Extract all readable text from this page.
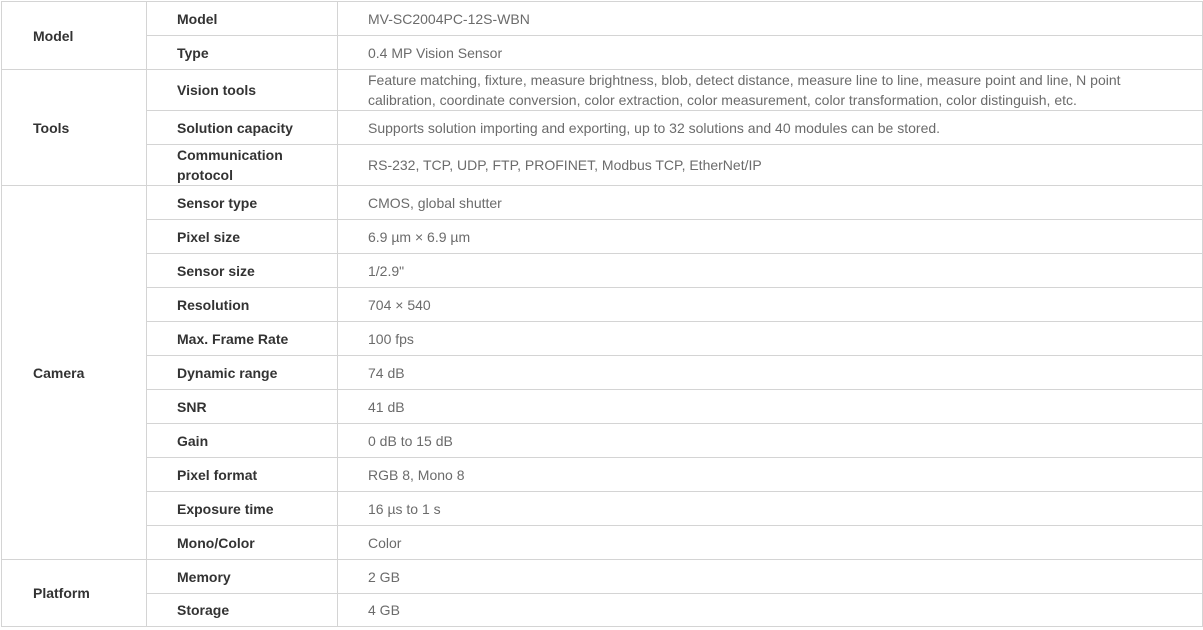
Model	Model	MV-SC2004PC-12S-WBN
	Type	0.4 MP Vision Sensor
Tools	Vision tools	Feature matching, fixture, measure brightness, blob, detect distance, measure line to line, measure point and line, N point calibration, coordinate conversion, color extraction, color measurement, color transformation, color distinguish, etc.
	Solution capacity	Supports solution importing and exporting, up to 32 solutions and 40 modules can be stored.
	Communication protocol	RS-232, TCP, UDP, FTP, PROFINET, Modbus TCP, EtherNet/IP
Camera	Sensor type	CMOS, global shutter
	Pixel size	6.9 µm × 6.9 µm
	Sensor size	1/2.9"
	Resolution	704 × 540
	Max. Frame Rate	100 fps
	Dynamic range	74 dB
	SNR	41 dB
	Gain	0 dB to 15 dB
	Pixel format	RGB 8, Mono 8
	Exposure time	16 µs to 1 s
	Mono/Color	Color
Platform	Memory	2 GB
	Storage	4 GB
